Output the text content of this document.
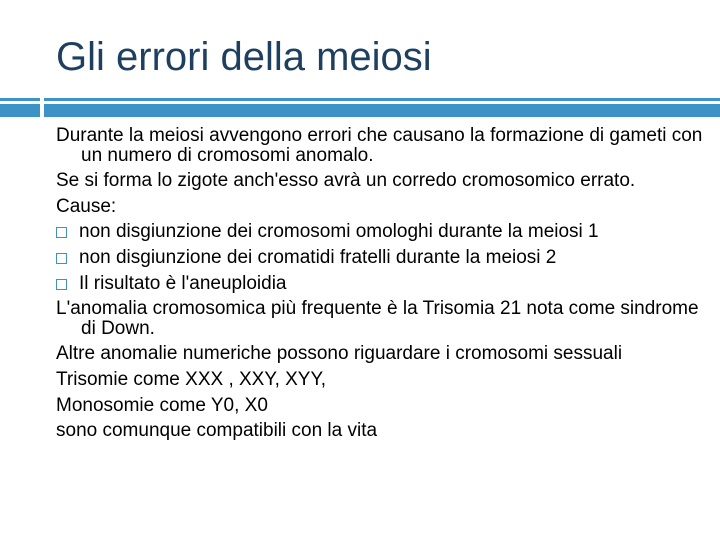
Gli errori della meiosi
Durante la meiosi avvengono errori che causano la formazione di gameti con un numero di cromosomi anomalo.
Se si forma lo zigote anch'esso avrà un corredo cromosomico errato.
Cause:
non disgiunzione dei cromosomi omologhi durante la meiosi 1
non disgiunzione dei cromatidi fratelli durante la meiosi 2
Il risultato è l'aneuploidia
L'anomalia cromosomica più frequente è la Trisomia 21 nota come sindrome di Down.
Altre anomalie numeriche possono riguardare i cromosomi sessuali
Trisomie come XXX , XXY, XYY,
Monosomie come Y0, X0
sono comunque compatibili con la vita
